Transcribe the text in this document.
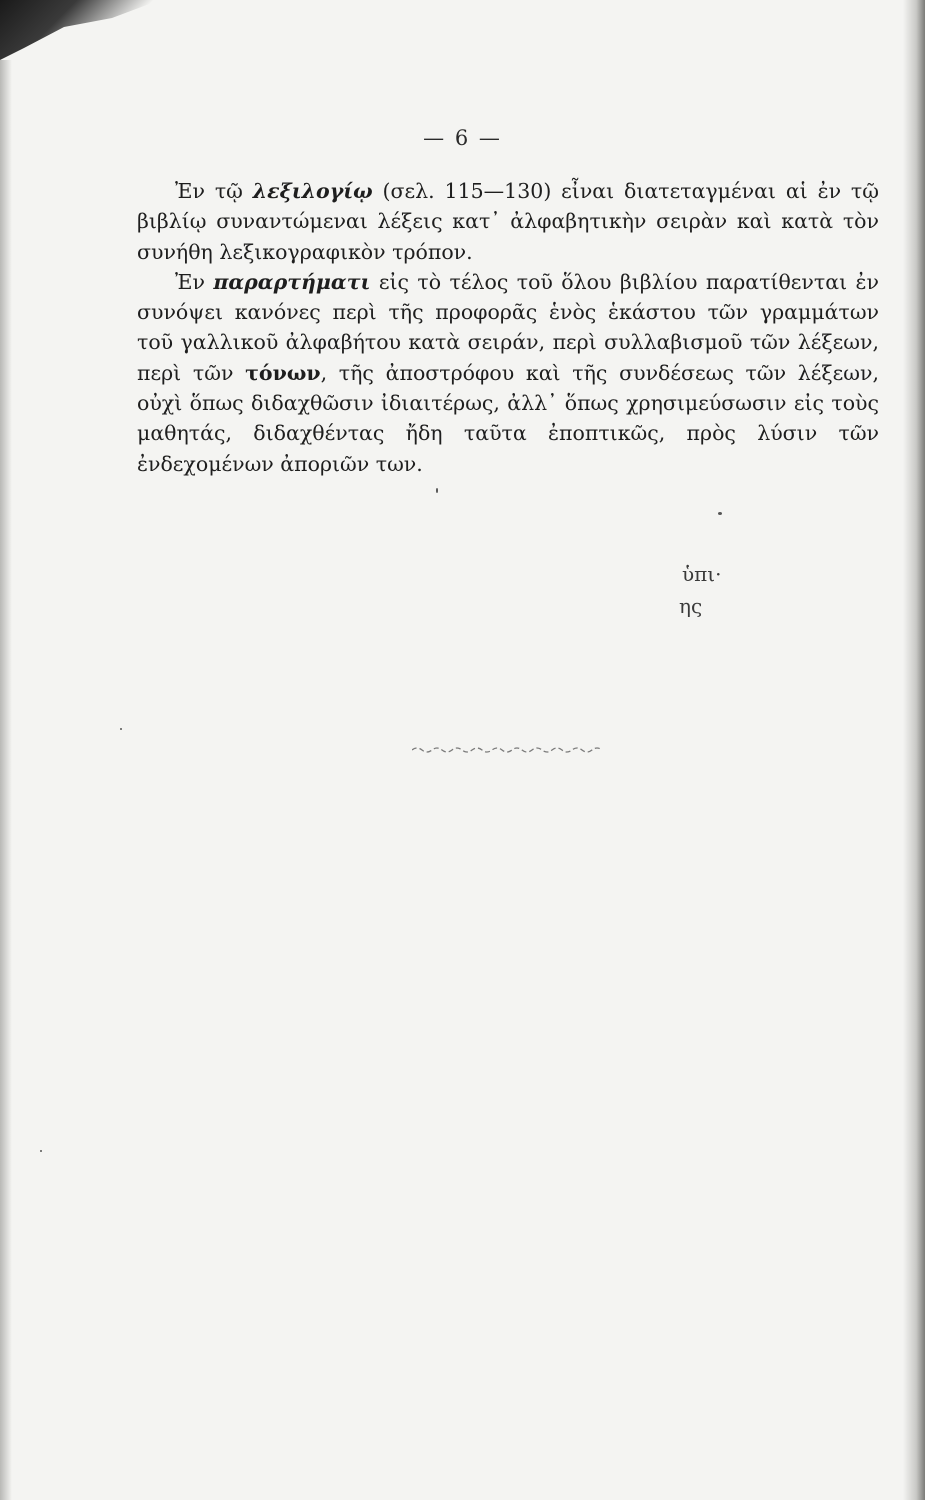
— 6 —

Ἐν τῷ λεξιλογίῳ (σελ. 115—130) εἶναι διατεταγμέναι αἱ ἐν τῷ βιβλίῳ συναντώμεναι λέξεις κατ᾽ ἀλφαβητικὴν σειρὰν καὶ κατὰ τὸν συνήθη λεξικογραφικὸν τρόπον.

Ἐν παραρτήματι εἰς τὸ τέλος τοῦ ὅλου βιβλίου παρατίθενται ἐν συνόψει κανόνες περὶ τῆς προφορᾶς ἑνὸς ἑκάστου τῶν γραμμάτων τοῦ γαλλικοῦ ἀλφαβήτου κατὰ σειράν, περὶ συλλαβισμοῦ τῶν λέξεων, περὶ τῶν τόνων, τῆς ἀποστρόφου καὶ τῆς συνδέσεως τῶν λέξεων, οὐχὶ ὅπως διδαχθῶσιν ἰδιαιτέρως, ἀλλ᾽ ὅπως χρησιμεύσωσιν εἰς τοὺς μαθητάς, διδαχθέντας ἤδη ταῦτα ἐποπτικῶς, πρὸς λύσιν τῶν ἐνδεχομένων ἀποριῶν των.

ὑπι·
ης
